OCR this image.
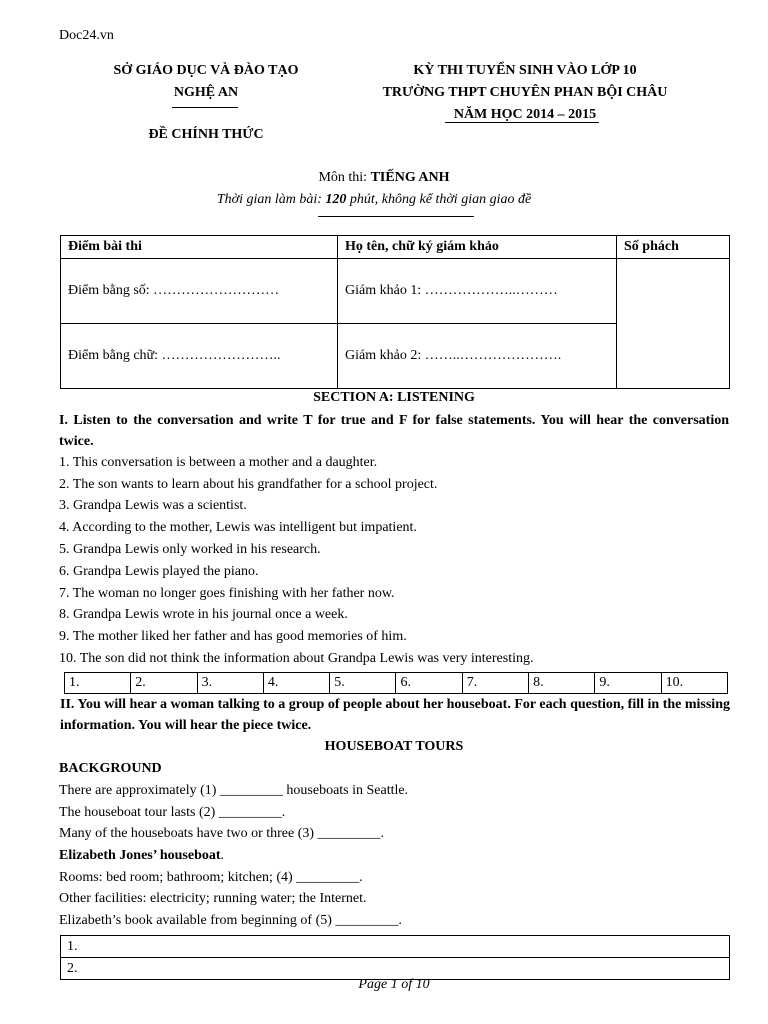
Doc24.vn
SỞ GIÁO DỤC VÀ ĐÀO TẠO
NGHỆ AN
ĐỀ CHÍNH THỨC
KỲ THI TUYỂN SINH VÀO LỚP 10
TRƯỜNG THPT CHUYÊN PHAN BỘI CHÂU
NĂM HỌC 2014 – 2015
Môn thi: TIẾNG ANH
Thời gian làm bài: 120 phút, không kể thời gian giao đề
Điểm bài thi	Họ tên, chữ ký giám khảo	Số phách
Điểm bằng số: ………………………	Giám khảo 1: ………………..………	
Điểm bằng chữ: ……………………..	Giám khảo 2: ……..………………….	
SECTION A: LISTENING
I. Listen to the conversation and write T for true and F for false statements. You will hear the conversation twice.
1. This conversation is between a mother and a daughter.
2. The son wants to learn about his grandfather for a school project.
3. Grandpa Lewis was a scientist.
4. According to the mother, Lewis was intelligent but impatient.
5. Grandpa Lewis only worked in his research.
6. Grandpa Lewis played the piano.
7. The woman no longer goes finishing with her father now.
8. Grandpa Lewis wrote in his journal once a week.
9. The mother liked her father and has good memories of him.
10. The son did not think the information about Grandpa Lewis was very interesting.
1.	2.	3.	4.	5.	6.	7.	8.	9.	10.
II. You will hear a woman talking to a group of people about her houseboat. For each question, fill in the missing information. You will hear the piece twice.
HOUSEBOAT TOURS
BACKGROUND
There are approximately (1) _________ houseboats in Seattle.
The houseboat tour lasts (2) _________.
Many of the houseboats have two or three (3) _________.
Elizabeth Jones’ houseboat.
Rooms: bed room; bathroom; kitchen; (4) _________.
Other facilities: electricity; running water; the Internet.
Elizabeth’s book available from beginning of (5) _________.
1.
2.
Page 1 of 10
